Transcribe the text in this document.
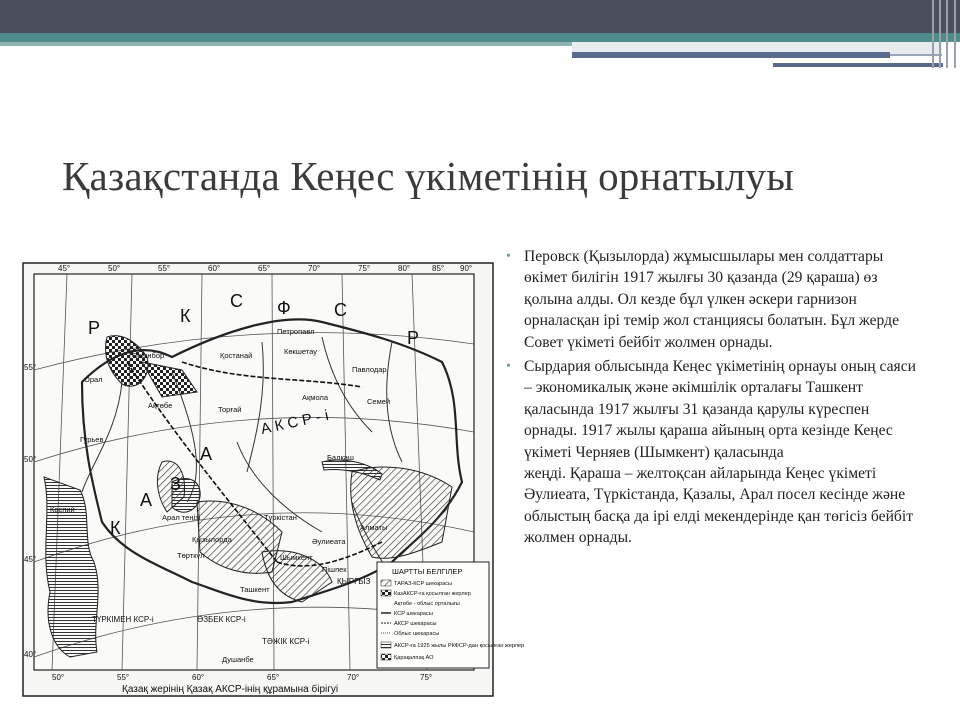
Қазақстанда Кеңес үкіметінің орнатылуы
45°	50°	55°	60°	65°	70°	75°	80°	85° 90°
50°	55°	60°	65°	70°	75°
55°
50°
45°
40°
Р
С Ф С
Р
К
А
З
А
К
А К С Р - і
Орынбор
Петропавл
Көкшетау
Қостанай
Ақмола	Семей
Торғай
Ақтөбе
Орал
Гурьев
Павлодар
Түркістан
Шымкент
Әулиеата
Алматы
Ташкент
Пішпек
Қызылорда
Төрткүл
Душанбе
Каспий
Арал теңізі
Балқаш
ТҮРКІМЕН КСР-і
ТӘЖІК КСР-і
ӨЗБЕК КСР-і
ҚЫРҒЫЗ
ШАРТТЫ БЕЛГІЛЕР
ТАРАЗ-КСР шекарасы
КазАКСР-ға қосылған жерлер
Ақтөбе - облыс орталығы
КСР шекарасы
АКСР шекарасы
Облыс шекарасы
АКСР-ға 1925 жылы РКФСР-дан қосылған жерлер
Қарақалпақ АО
Қазақ жерінің Қазақ АКСР-інің құрамына бірігуі
• Перовск (Қызылорда) жұмысшылары мен солдаттары өкімет билігін 1917 жылғы 30 қазанда (29 қараша) өз қолына алды. Ол кезде бұл үлкен әскери гарнизон орналасқан ірі темір жол станциясы болатын. Бұл жерде Совет үкіметі бейбіт жолмен орнады.

• Сырдария облысында Кеңес үкіметінің орнауы оның саяси – экономикалық және әкімшілік орталағы Ташкент қаласында 1917 жылғы 31 қазанда қарулы күреспен орнады. 1917 жылы қараша айының орта кезінде Кеңес үкіметі Черняев (Шымкент) қаласында

жеңді. Қараша – желтоқсан айларында Кеңес үкіметі

Әулиеата, Түркістанда, Қазалы, Арал посел кесінде және облыстың басқа да ірі елді мекендерінде қан төгісіз бейбіт жолмен орнады.
